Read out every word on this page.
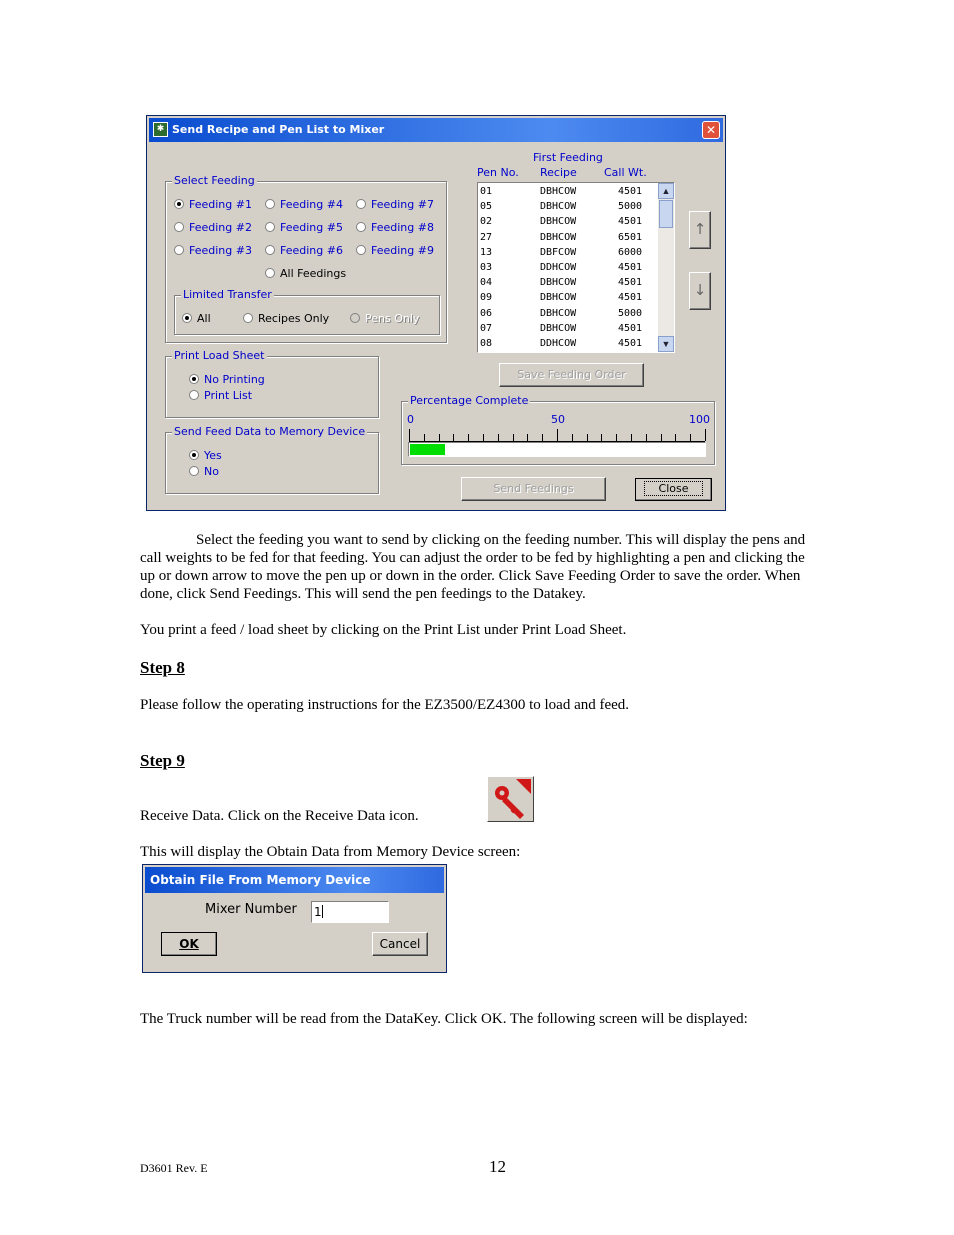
✱ Send Recipe and Pen List to Mixer	✕
Select Feeding
Feeding #1	Feeding #4	Feeding #7
Feeding #2	Feeding #5	Feeding #8
Feeding #3	Feeding #6	Feeding #9
All Feedings
Limited Transfer
All	Recipes Only	Pens Only
Print Load Sheet
No Printing
Print List
Send Feed Data to Memory Device
Yes
No
First Feeding
Pen No. Recipe Call Wt.
08	DDHCOW	4501
07	DBHCOW	4501
06	DBHCOW	5000
09	DBHCOW	4501
04	DBHCOW	4501
03	DDHCOW	4501
13	DBFCOW	6000
27	DBHCOW	6501
02	DBHCOW	4501
05	DBHCOW	5000
01	DBHCOW	4501	▲
▼
↑
↓
Save Feeding Order
Percentage Complete
0	50	100
Send Feedings	Close
Select the feeding you want to send by clicking on the feeding number. This will display the pens and call weights to be fed for that feeding. You can adjust the order to be fed by highlighting a pen and clicking the up or down arrow to move the pen up or down in the order. Click Save Feeding Order to save the order. When done, click Send Feedings. This will send the pen feedings to the Datakey.
You print a feed / load sheet by clicking on the Print List under Print Load Sheet.
Step 8
Please follow the operating instructions for the EZ3500/EZ4300 to load and feed.
Step 9
Receive Data. Click on the Receive Data icon.
This will display the Obtain Data from Memory Device screen:
Obtain File From Memory Device
Mixer Number 1
OK	Cancel
The Truck number will be read from the DataKey. Click OK. The following screen will be displayed:
D3601 Rev. E	12
